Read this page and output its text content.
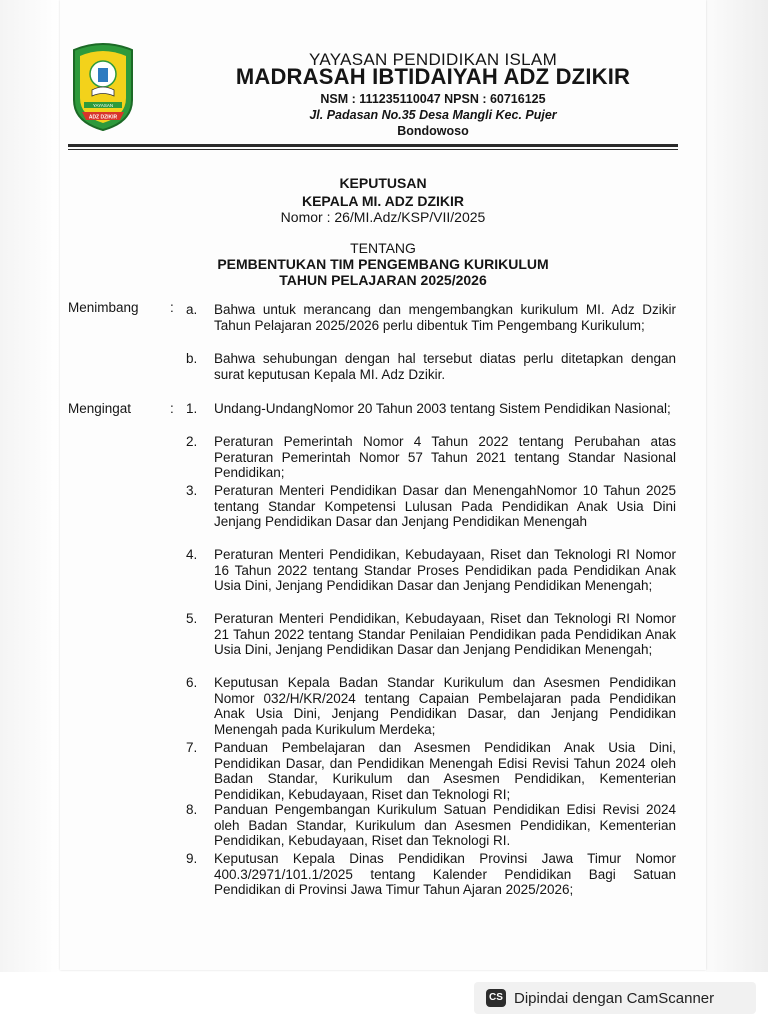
YAYASAN
ADZ DZIKIR
YAYASAN PENDIDIKAN ISLAM
MADRASAH IBTIDAIYAH ADZ DZIKIR
NSM : 111235110047 NPSN : 60716125
Jl. Padasan No.35 Desa Mangli Kec. Pujer
Bondowoso
KEPUTUSAN
KEPALA MI. ADZ DZIKIR
Nomor : 26/MI.Adz/KSP/VII/2025
TENTANG
PEMBENTUKAN TIM PENGEMBANG KURIKULUM
TAHUN PELAJARAN 2025/2026
Menimbang	: a. Bahwa untuk merancang dan mengembangkan kurikulum MI. Adz Dzikir Tahun Pelajaran 2025/2026 perlu dibentuk Tim Pengembang Kurikulum;
b. Bahwa sehubungan dengan hal tersebut diatas perlu ditetapkan dengan surat keputusan Kepala MI. Adz Dzikir.
Mengingat	: 1. Undang-UndangNomor 20 Tahun 2003 tentang Sistem Pendidikan Nasional;
2. Peraturan Pemerintah Nomor 4 Tahun 2022 tentang Perubahan atas Peraturan Pemerintah Nomor 57 Tahun 2021 tentang Standar Nasional Pendidikan;
3. Peraturan Menteri Pendidikan Dasar dan MenengahNomor 10 Tahun 2025 tentang Standar Kompetensi Lulusan Pada Pendidikan Anak Usia Dini Jenjang Pendidikan Dasar dan Jenjang Pendidikan Menengah
4. Peraturan Menteri Pendidikan, Kebudayaan, Riset dan Teknologi RI Nomor 16 Tahun 2022 tentang Standar Proses Pendidikan pada Pendidikan Anak Usia Dini, Jenjang Pendidikan Dasar dan Jenjang Pendidikan Menengah;
5. Peraturan Menteri Pendidikan, Kebudayaan, Riset dan Teknologi RI Nomor 21 Tahun 2022 tentang Standar Penilaian Pendidikan pada Pendidikan Anak Usia Dini, Jenjang Pendidikan Dasar dan Jenjang Pendidikan Menengah;
6. Keputusan Kepala Badan Standar Kurikulum dan Asesmen Pendidikan Nomor 032/H/KR/2024 tentang Capaian Pembelajaran pada Pendidikan Anak Usia Dini, Jenjang Pendidikan Dasar, dan Jenjang Pendidikan Menengah pada Kurikulum Merdeka;
7. Panduan Pembelajaran dan Asesmen Pendidikan Anak Usia Dini, Pendidikan Dasar, dan Pendidikan Menengah Edisi Revisi Tahun 2024 oleh Badan Standar, Kurikulum dan Asesmen Pendidikan, Kementerian Pendidikan, Kebudayaan, Riset dan Teknologi RI;
8. Panduan Pengembangan Kurikulum Satuan Pendidikan Edisi Revisi 2024 oleh Badan Standar, Kurikulum dan Asesmen Pendidikan, Kementerian Pendidikan, Kebudayaan, Riset dan Teknologi RI.
9. Keputusan Kepala Dinas Pendidikan Provinsi Jawa Timur Nomor 400.3/2971/101.1/2025 tentang Kalender Pendidikan Bagi Satuan Pendidikan di Provinsi Jawa Timur Tahun Ajaran 2025/2026;
CS Dipindai dengan CamScanner
